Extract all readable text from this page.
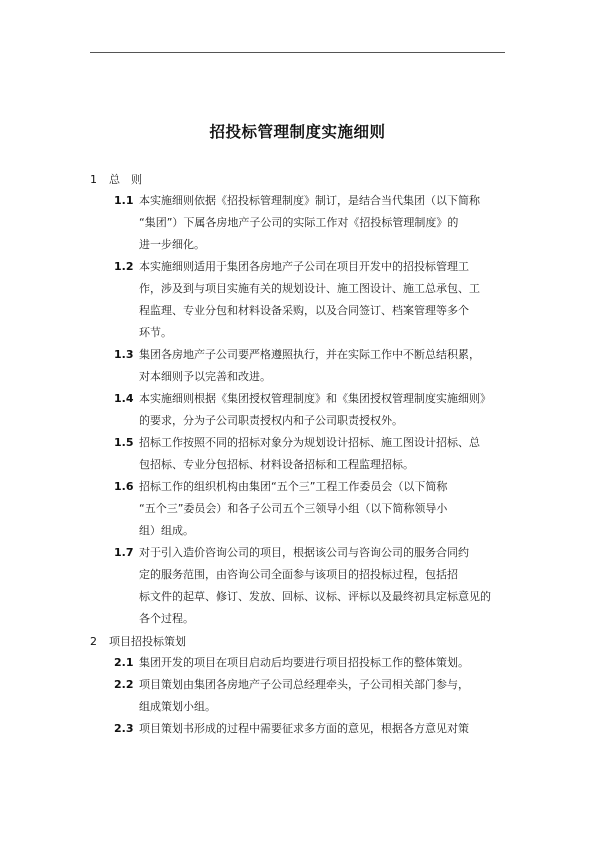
招投标管理制度实施细则
1 总　则
1.1 本实施细则依据《招投标管理制度》制订，是结合当代集团（以下简称
“集团”）下属各房地产子公司的实际工作对《招投标管理制度》的
进一步细化。
1.2 本实施细则适用于集团各房地产子公司在项目开发中的招投标管理工
作，涉及到与项目实施有关的规划设计、施工图设计、施工总承包、工
程监理、专业分包和材料设备采购，以及合同签订、档案管理等多个
环节。
1.3 集团各房地产子公司要严格遵照执行，并在实际工作中不断总结积累，
对本细则予以完善和改进。
1.4 本实施细则根据《集团授权管理制度》和《集团授权管理制度实施细则》
的要求，分为子公司职责授权内和子公司职责授权外。
1.5 招标工作按照不同的招标对象分为规划设计招标、施工图设计招标、总
包招标、专业分包招标、材料设备招标和工程监理招标。
1.6 招标工作的组织机构由集团“五个三”工程工作委员会（以下简称
“五个三”委员会）和各子公司五个三领导小组（以下简称领导小
组）组成。
1.7 对于引入造价咨询公司的项目，根据该公司与咨询公司的服务合同约
定的服务范围，由咨询公司全面参与该项目的招投标过程，包括招
标文件的起草、修订、发放、回标、议标、评标以及最终初具定标意见的
各个过程。
2 项目招投标策划
2.1 集团开发的项目在项目启动后均要进行项目招投标工作的整体策划。
2.2 项目策划由集团各房地产子公司总经理牵头，子公司相关部门参与，
组成策划小组。
2.3 项目策划书形成的过程中需要征求多方面的意见，根据各方意见对策
